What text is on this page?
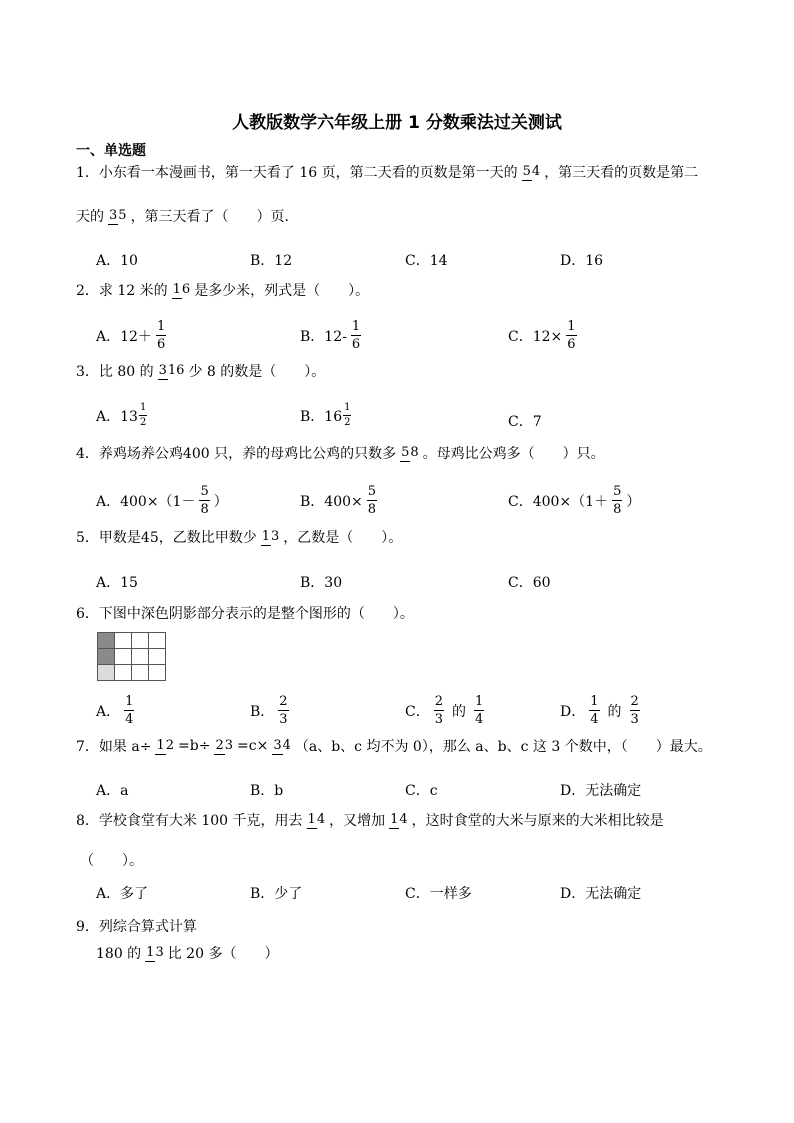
人教版数学六年级上册 1 分数乘法过关测试
一、单选题
1．小东看一本漫画书，第一天看了 16 页，第二天看的页数是第一天的 54 ，第三天看的页数是第二
天的 35 ，第三天看了（　　）页．
A．10	B．12	C．14	D．16
2．求 12 米的 16 是多少米，列式是（　　）。
A．$12+ \frac{1}{6}$	B．$12- \frac{1}{6}$	C．$12\times \frac{1}{6}$
3．比 80 的 316 少 8 的数是（　　）。
A．$13 \frac{1}{2}$	B．$16 \frac{1}{2}$	C．7
4．养鸡场养公鸡400 只，养的母鸡比公鸡的只数多 58 。母鸡比公鸡多（　　）只。
A．$400\times(1- \frac{5}{8}$ ）	B．$400\times \frac{5}{8}$	C．$400\times(1+ \frac{5}{8}$ ）
5．甲数是45，乙数比甲数少 13 ，乙数是（　　）。
A．15	B．30	C．60
6．下图中深色阴影部分表示的是整个图形的（　　）。

A． $\frac{1}{4}$	B． $\frac{2}{3}$	C． $\frac{2}{3}$ 的 $\frac{1}{4}$	D． $\frac{1}{4}$ 的 $\frac{2}{3}$
7．如果 a÷ 12 =b÷ 23 =c× 34 （a、b、c 均不为 0），那么 a、b、c 这 3 个数中，（　　）最大。
A．a	B．b	C．c	D．无法确定
8．学校食堂有大米 100 千克，用去 14 ，又增加 14 ，这时食堂的大米与原来的大米相比较是
（　　）。
A．多了	B．少了	C．一样多	D．无法确定
9．列综合算式计算
180 的 13 比 20 多（　　）
